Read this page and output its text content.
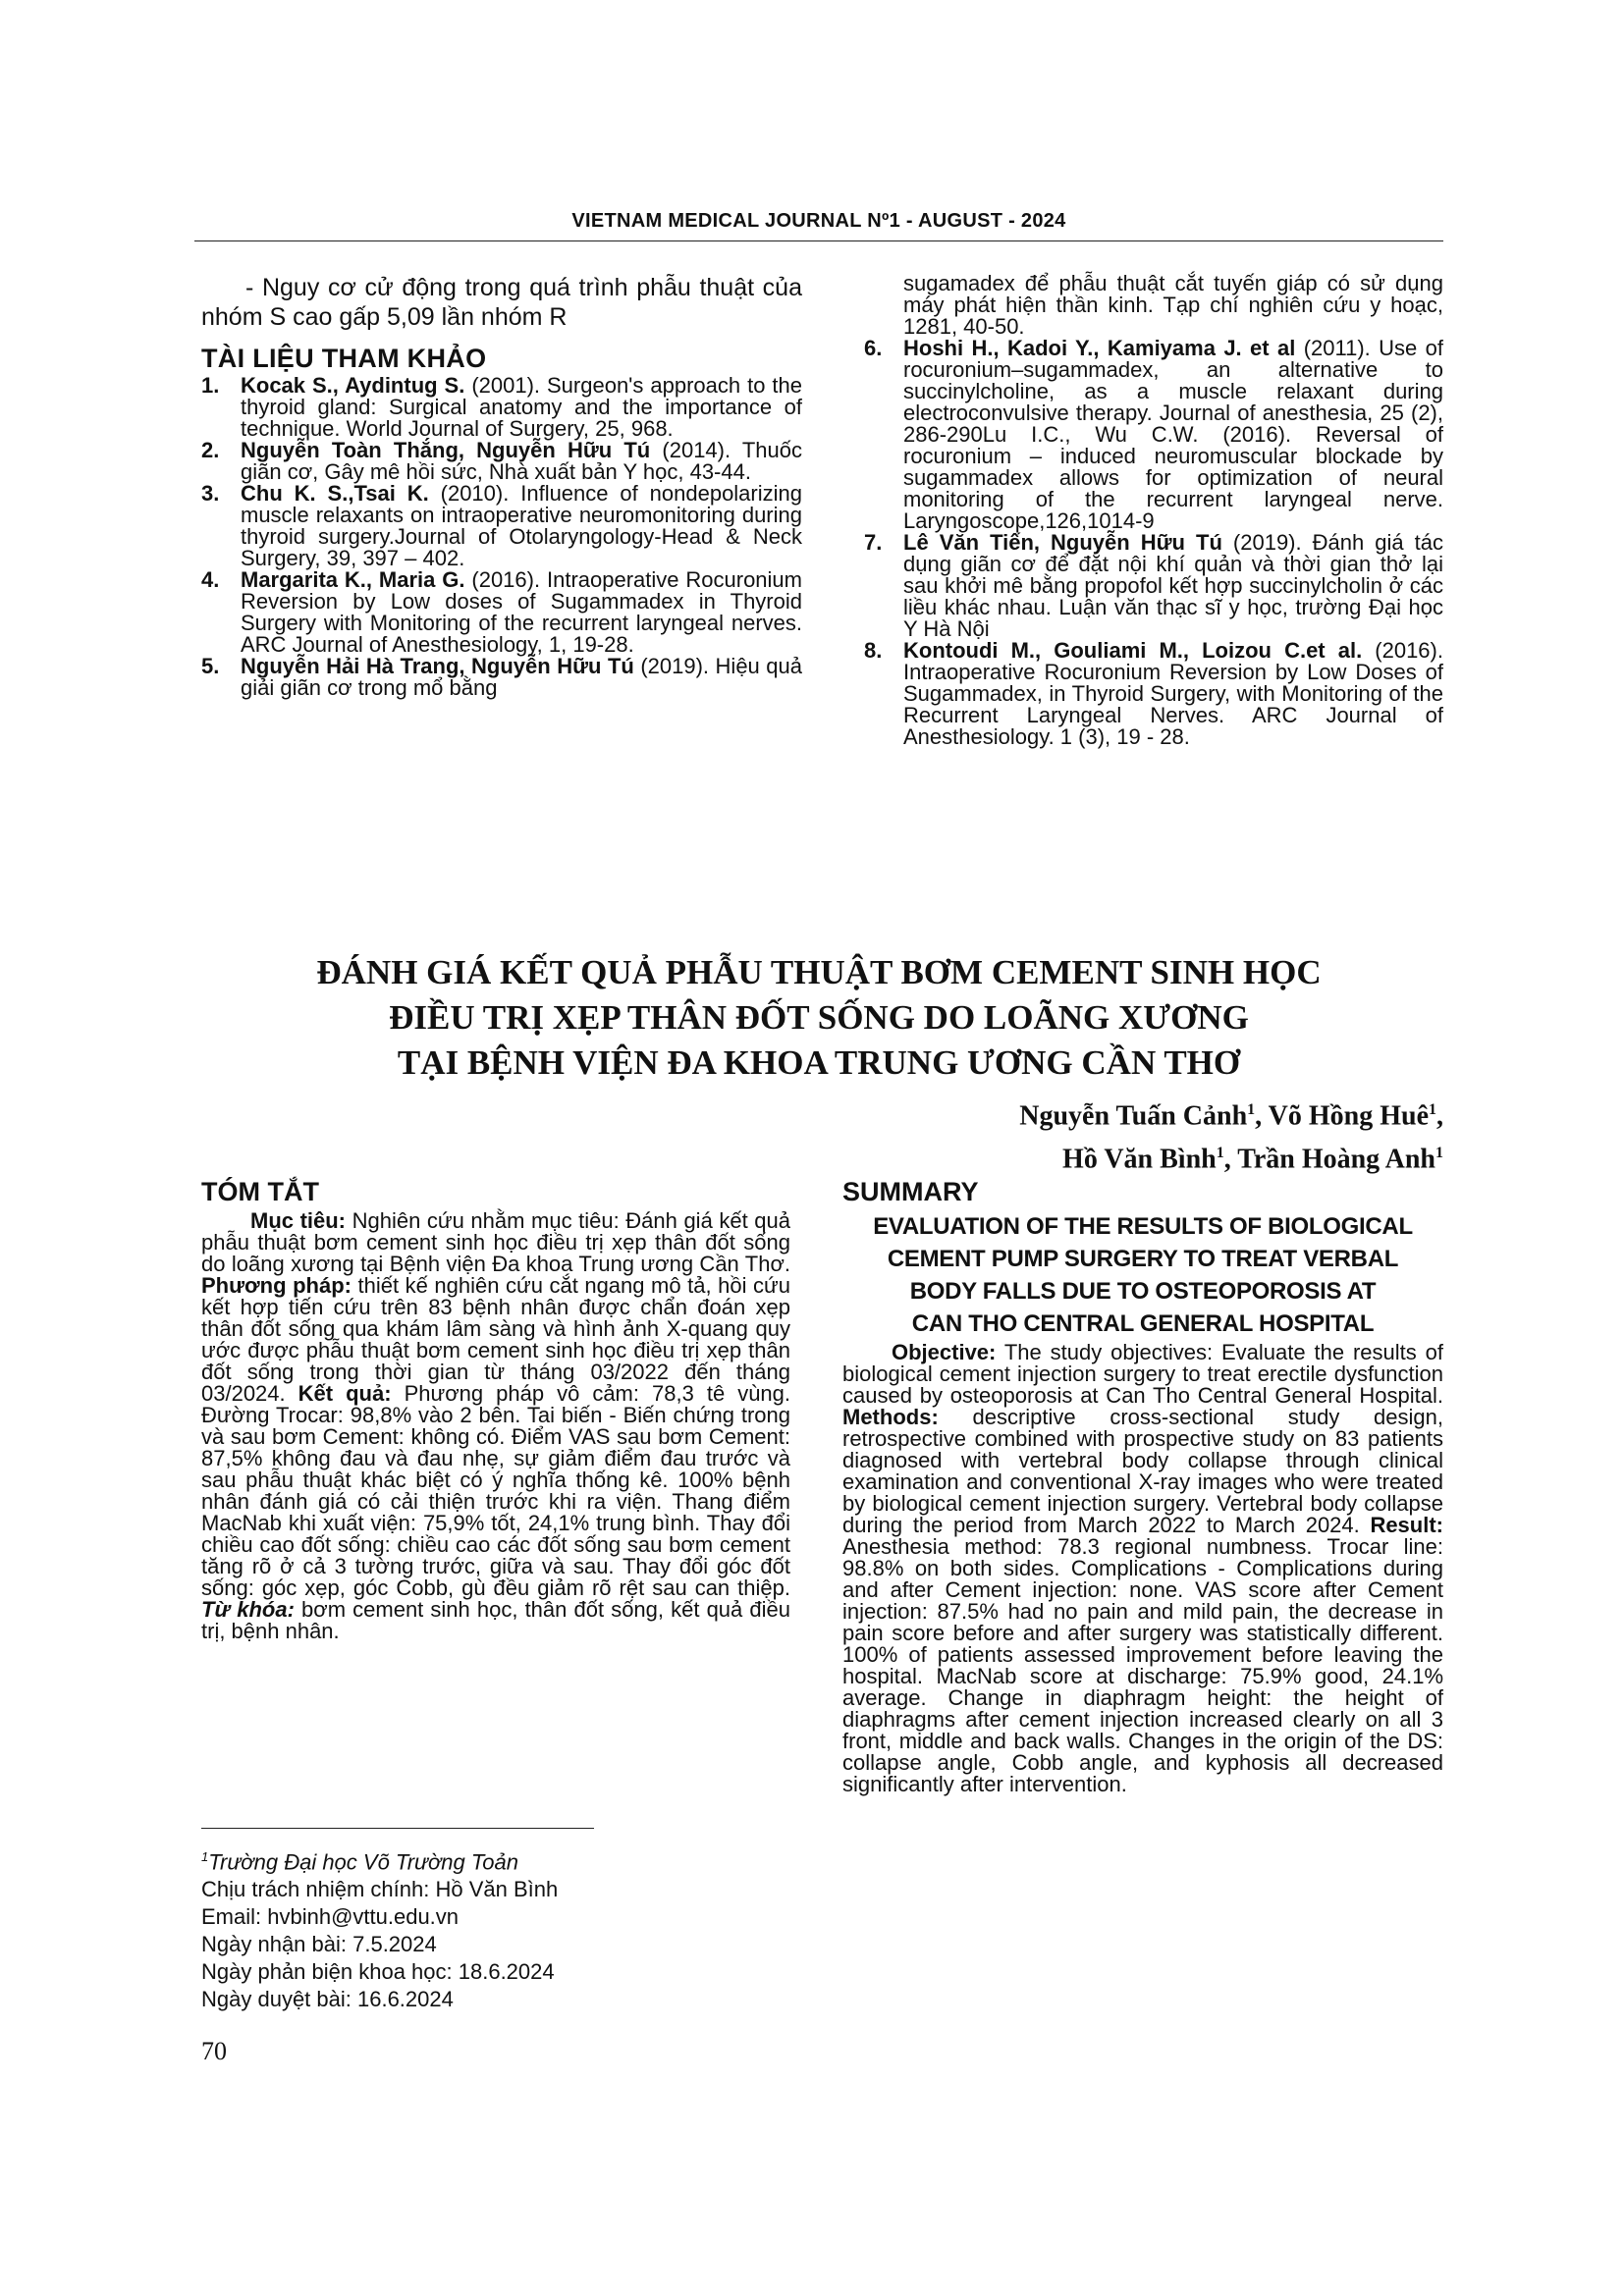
VIETNAM MEDICAL JOURNAL Nº1 - AUGUST - 2024

- Nguy cơ cử động trong quá trình phẫu thuật của nhóm S cao gấp 5,09 lần nhóm R

TÀI LIỆU THAM KHẢO
1. Kocak S., Aydintug S. (2001). Surgeon's approach to the thyroid gland: Surgical anatomy and the importance of technique. World Journal of Surgery, 25, 968.
2. Nguyễn Toàn Thắng, Nguyễn Hữu Tú (2014). Thuốc giãn cơ, Gây mê hồi sức, Nhà xuất bản Y học, 43-44.
3. Chu K. S.,Tsai K. (2010). Influence of nondepolarizing muscle relaxants on intraoperative neuromonitoring during thyroid surgery.Journal of Otolaryngology-Head & Neck Surgery, 39, 397 – 402.
4. Margarita K., Maria G. (2016). Intraoperative Rocuronium Reversion by Low doses of Sugammadex in Thyroid Surgery with Monitoring of the recurrent laryngeal nerves. ARC Journal of Anesthesiology, 1, 19-28.
5. Nguyễn Hải Hà Trang, Nguyễn Hữu Tú (2019). Hiệu quả giải giãn cơ trong mổ bằng
sugamadex để phẫu thuật cắt tuyến giáp có sử dụng máy phát hiện thần kinh. Tạp chí nghiên cứu y hoạc, 1281, 40-50.
6. Hoshi H., Kadoi Y., Kamiyama J. et al (2011). Use of rocuronium–sugammadex, an alternative to succinylcholine, as a muscle relaxant during electroconvulsive therapy. Journal of anesthesia, 25 (2), 286-290Lu I.C., Wu C.W. (2016). Reversal of rocuronium – induced neuromuscular blockade by sugammadex allows for optimization of neural monitoring of the recurrent laryngeal nerve. Laryngoscope,126,1014-9
7. Lê Văn Tiến, Nguyễn Hữu Tú (2019). Đánh giá tác dụng giãn cơ để đặt nội khí quản và thời gian thở lại sau khởi mê bằng propofol kết hợp succinylcholin ở các liều khác nhau. Luận văn thạc sĩ y học, trường Đại học Y Hà Nội
8. Kontoudi M., Gouliami M., Loizou C.et al. (2016). Intraoperative Rocuronium Reversion by Low Doses of Sugammadex, in Thyroid Surgery, with Monitoring of the Recurrent Laryngeal Nerves. ARC Journal of Anesthesiology. 1 (3), 19 - 28.
ĐÁNH GIÁ KẾT QUẢ PHẪU THUẬT BƠM CEMENT SINH HỌC
ĐIỀU TRỊ XẸP THÂN ĐỐT SỐNG DO LOÃNG XƯƠNG
TẠI BỆNH VIỆN ĐA KHOA TRUNG ƯƠNG CẦN THƠ
Nguyễn Tuấn Cảnh$^1$, Võ Hồng Huê$^1$,
Hồ Văn Bình$^1$, Trần Hoàng Anh$^1$
TÓM TẮT

Mục tiêu: Nghiên cứu nhằm mục tiêu: Đánh giá kết quả phẫu thuật bơm cement sinh học điều trị xẹp thân đốt sống do loãng xương tại Bệnh viện Đa khoa Trung ương Cần Thơ. Phương pháp: thiết kế nghiên cứu cắt ngang mô tả, hồi cứu kết hợp tiến cứu trên 83 bệnh nhân được chẩn đoán xẹp thân đốt sống qua khám lâm sàng và hình ảnh X-quang quy ước được phẫu thuật bơm cement sinh học điều trị xẹp thân đốt sống trong thời gian từ tháng 03/2022 đến tháng 03/2024. Kết quả: Phương pháp vô cảm: 78,3 tê vùng. Đường Trocar: 98,8% vào 2 bên. Tai biến - Biến chứng trong và sau bơm Cement: không có. Điểm VAS sau bơm Cement: 87,5% không đau và đau nhẹ, sự giảm điểm đau trước và sau phẫu thuật khác biệt có ý nghĩa thống kê. 100% bệnh nhân đánh giá có cải thiện trước khi ra viện. Thang điểm MacNab khi xuất viện: 75,9% tốt, 24,1% trung bình. Thay đổi chiều cao đốt sống: chiều cao các đốt sống sau bơm cement tăng rõ ở cả 3 tường trước, giữa và sau. Thay đổi góc đốt sống: góc xẹp, góc Cobb, gù đều giảm rõ rệt sau can thiệp. Từ khóa: bơm cement sinh học, thân đốt sống, kết quả điều trị, bệnh nhân.

SUMMARY
EVALUATION OF THE RESULTS OF BIOLOGICAL
CEMENT PUMP SURGERY TO TREAT VERBAL
BODY FALLS DUE TO OSTEOPOROSIS AT
CAN THO CENTRAL GENERAL HOSPITAL

Objective: The study objectives: Evaluate the results of biological cement injection surgery to treat erectile dysfunction caused by osteoporosis at Can Tho Central General Hospital. Methods: descriptive cross-sectional study design, retrospective combined with prospective study on 83 patients diagnosed with vertebral body collapse through clinical examination and conventional X-ray images who were treated by biological cement injection surgery. Vertebral body collapse during the period from March 2022 to March 2024. Result: Anesthesia method: 78.3 regional numbness. Trocar line: 98.8% on both sides. Complications - Complications during and after Cement injection: none. VAS score after Cement injection: 87.5% had no pain and mild pain, the decrease in pain score before and after surgery was statistically different. 100% of patients assessed improvement before leaving the hospital. MacNab score at discharge: 75.9% good, 24.1% average. Change in diaphragm height: the height of diaphragms after cement injection increased clearly on all 3 front, middle and back walls. Changes in the origin of the DS: collapse angle, Cobb angle, and kyphosis all decreased significantly after intervention.

$^1$Trường Đại học Võ Trường Toản

Chịu trách nhiệm chính: Hồ Văn Bình

Email: hvbinh@vttu.edu.vn

Ngày nhận bài: 7.5.2024

Ngày phản biện khoa học: 18.6.2024

Ngày duyệt bài: 16.6.2024

70
